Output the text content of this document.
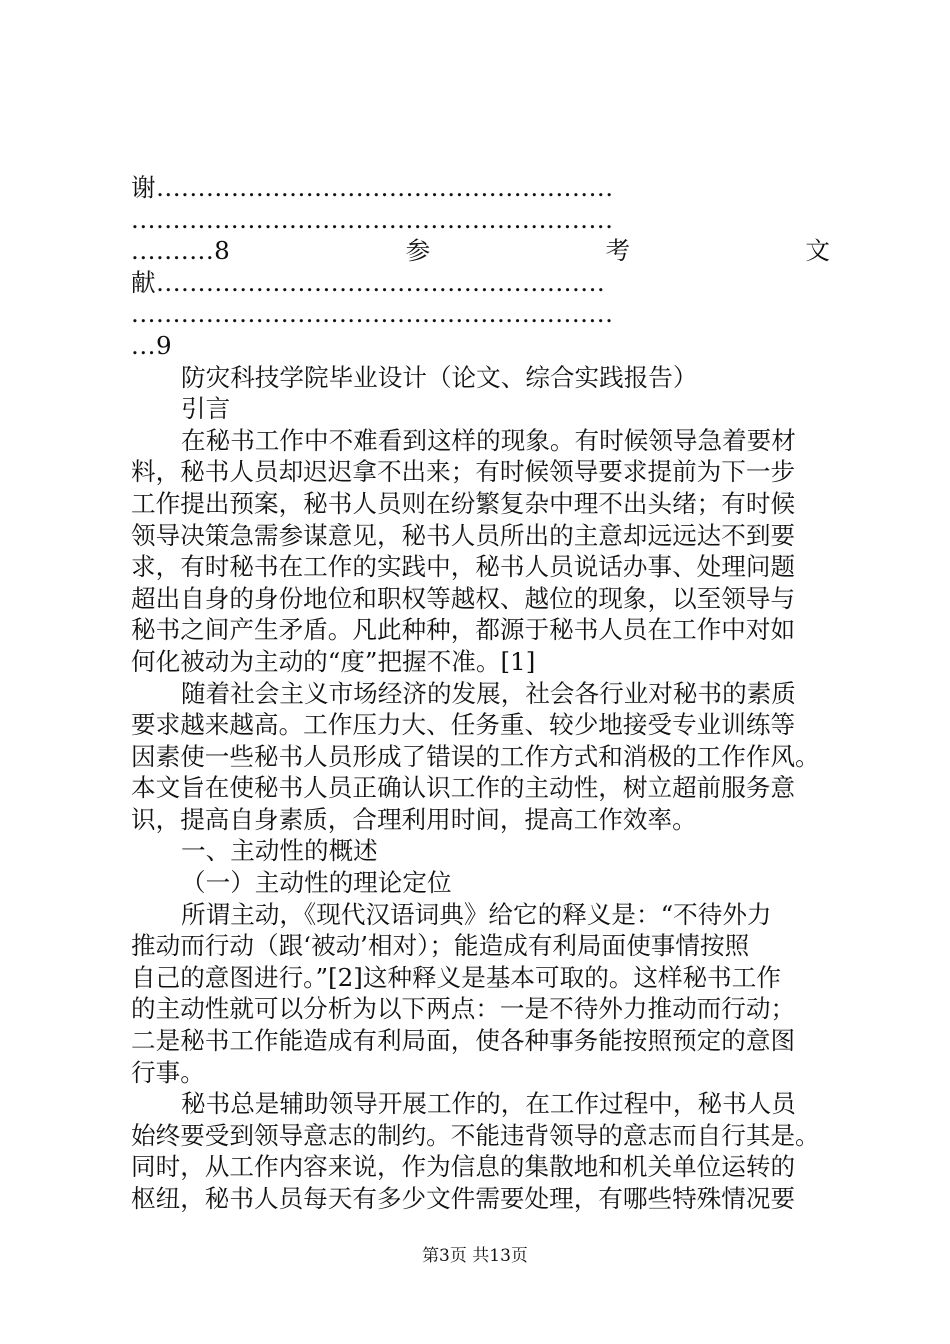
谢.......................................................
..........................................................
..........8	参	考	文
献......................................................
..........................................................
...9
防灾科技学院毕业设计（论文、综合实践报告）
引言
在秘书工作中不难看到这样的现象。有时候领导急着要材
料，秘书人员却迟迟拿不出来；有时候领导要求提前为下一步
工作提出预案，秘书人员则在纷繁复杂中理不出头绪；有时候
领导决策急需参谋意见，秘书人员所出的主意却远远达不到要
求，有时秘书在工作的实践中，秘书人员说话办事、处理问题
超出自身的身份地位和职权等越权、越位的现象，以至领导与
秘书之间产生矛盾。凡此种种，都源于秘书人员在工作中对如
何化被动为主动的“度”把握不准。[1]
随着社会主义市场经济的发展，社会各行业对秘书的素质
要求越来越高。工作压力大、任务重、较少地接受专业训练等
因素使一些秘书人员形成了错误的工作方式和消极的工作作风。
本文旨在使秘书人员正确认识工作的主动性，树立超前服务意
识，提高自身素质，合理利用时间，提高工作效率。
一、主动性的概述
（一）主动性的理论定位
所谓主动，《现代汉语词典》给它的释义是：“不待外力
推动而行动（跟‘被动’相对）；能造成有利局面使事情按照
自己的意图进行。”[2]这种释义是基本可取的。这样秘书工作
的主动性就可以分析为以下两点：一是不待外力推动而行动；
二是秘书工作能造成有利局面，使各种事务能按照预定的意图
行事。
秘书总是辅助领导开展工作的，在工作过程中，秘书人员
始终要受到领导意志的制约。不能违背领导的意志而自行其是。
同时，从工作内容来说，作为信息的集散地和机关单位运转的
枢纽，秘书人员每天有多少文件需要处理，有哪些特殊情况要
第3页 共13页
